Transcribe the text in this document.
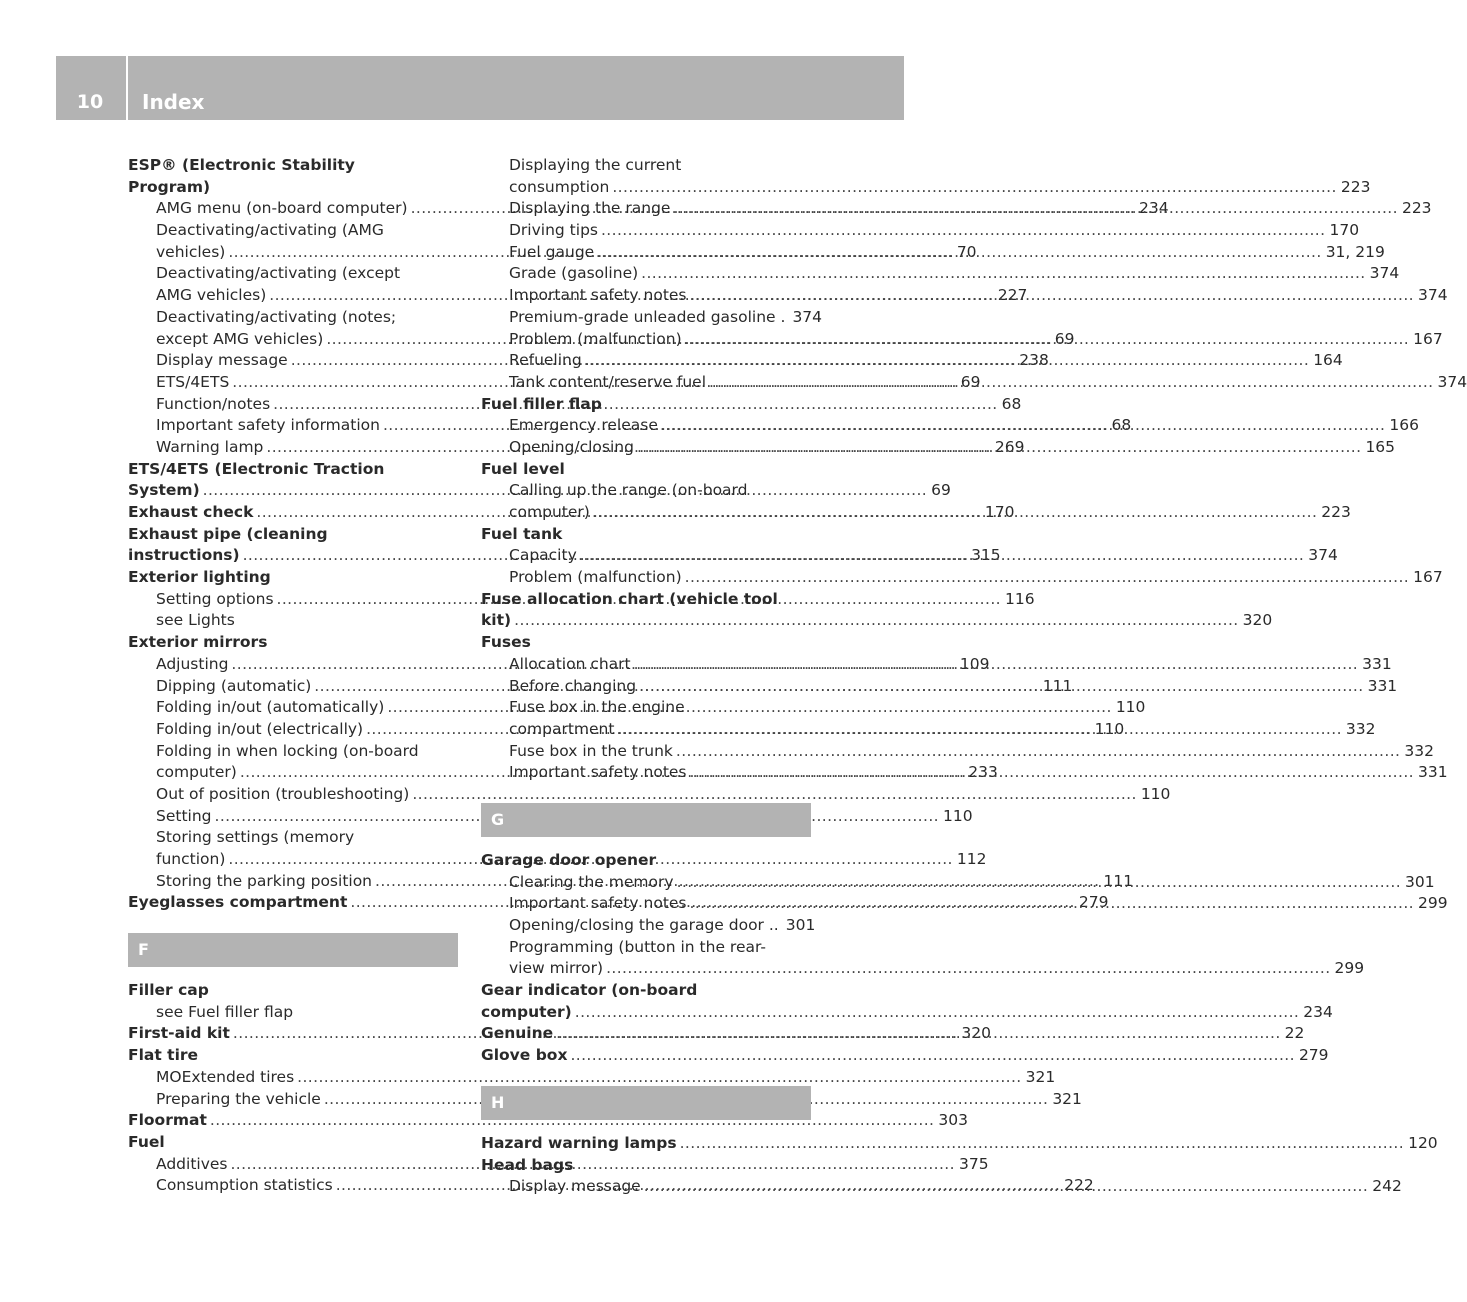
10	Index
ESP® (Electronic Stability
Program)
AMG menu (on-board computer) .....	234
Deactivating/activating (AMG
vehicles) .....	70
Deactivating/activating (except
AMG vehicles) .....	227
Deactivating/activating (notes;
except AMG vehicles) .....	69
Display message .....	238
ETS/4ETS .....	69
Function/notes .....	68
Important safety information .....	68
Warning lamp .....	269
ETS/4ETS (Electronic Traction
System) .....	69
Exhaust check .....	170
Exhaust pipe (cleaning
instructions) .....	315
Exterior lighting
Setting options .....	116
see Lights
Exterior mirrors
Adjusting .....	109
Dipping (automatic) .....	111
Folding in/out (automatically) .....	110
Folding in/out (electrically) .....	110
Folding in when locking (on-board
computer) .....	233
Out of position (troubleshooting) .....	110
Setting .....	110
Storing settings (memory
function) .....	112
Storing the parking position .....	111
Eyeglasses compartment .....	279
F
Filler cap
see Fuel filler flap
First-aid kit .....	320
Flat tire
MOExtended tires .....	321
Preparing the vehicle .....	321
Floormat .....	303
Fuel
Additives .....	375
Consumption statistics .....	222
Displaying the current
consumption .....	223
Displaying the range .....	223
Driving tips .....	170
Fuel gauge .....	31, 219
Grade (gasoline) .....	374
Important safety notes .....	374
Premium-grade unleaded gasoline . 374
Problem (malfunction) .....	167
Refueling .....	164
Tank content/reserve fuel .....	374
Fuel filler flap
Emergency release .....	166
Opening/closing .....	165
Fuel level
Calling up the range (on-board
computer) .....	223
Fuel tank
Capacity .....	374
Problem (malfunction) .....	167
Fuse allocation chart (vehicle tool
kit) .....	320
Fuses
Allocation chart .....	331
Before changing .....	331
Fuse box in the engine
compartment .....	332
Fuse box in the trunk .....	332
Important safety notes .....	331
G
Garage door opener
Clearing the memory .....	301
Important safety notes .....	299
Opening/closing the garage door .. 301
Programming (button in the rear-
view mirror) .....	299
Gear indicator (on-board
computer) .....	234
Genuine .....	22
Glove box .....	279
H
Hazard warning lamps .....	120
Head bags
Display message .....	242
